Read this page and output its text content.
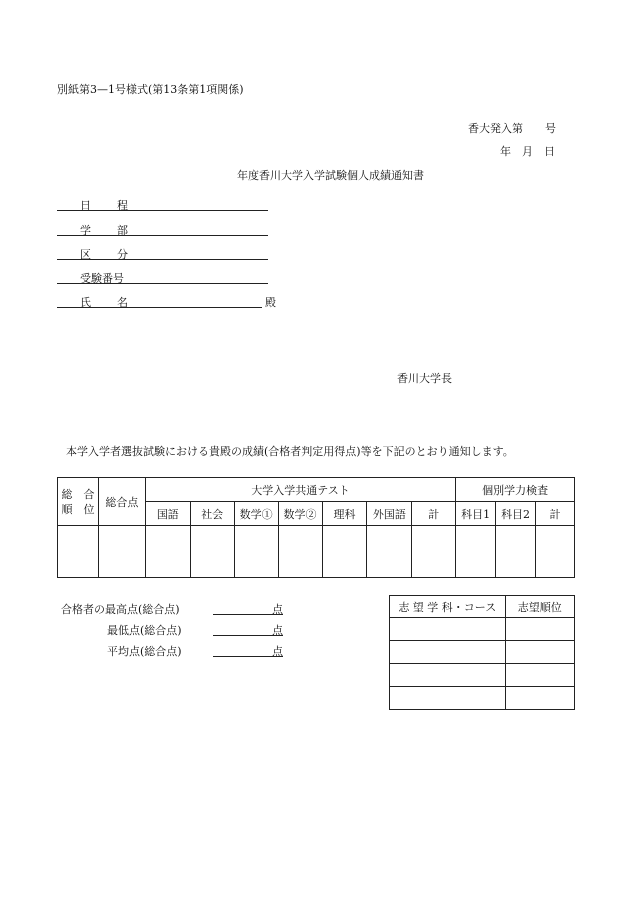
別紙第3—1号様式(第13条第1項関係)
香大発入第　　号
年　月　日
年度香川大学入学試験個人成績通知書
日 程
学 部
区 分
受験番号
氏 名	殿
香川大学長
本学入学者選抜試験における貴殿の成績(合格者判定用得点)等を下記のとおり通知します。
総　合
順　位	総合点	大学入学共通テスト							個別学力検査		
		国語	社会	数学①	数学②	理科	外国語	計	科目1	科目2	計

合格者の最高点(総合点)	点
最低点(総合点)	点
平均点(総合点)	点
志 望 学 科・コース	志望順位
